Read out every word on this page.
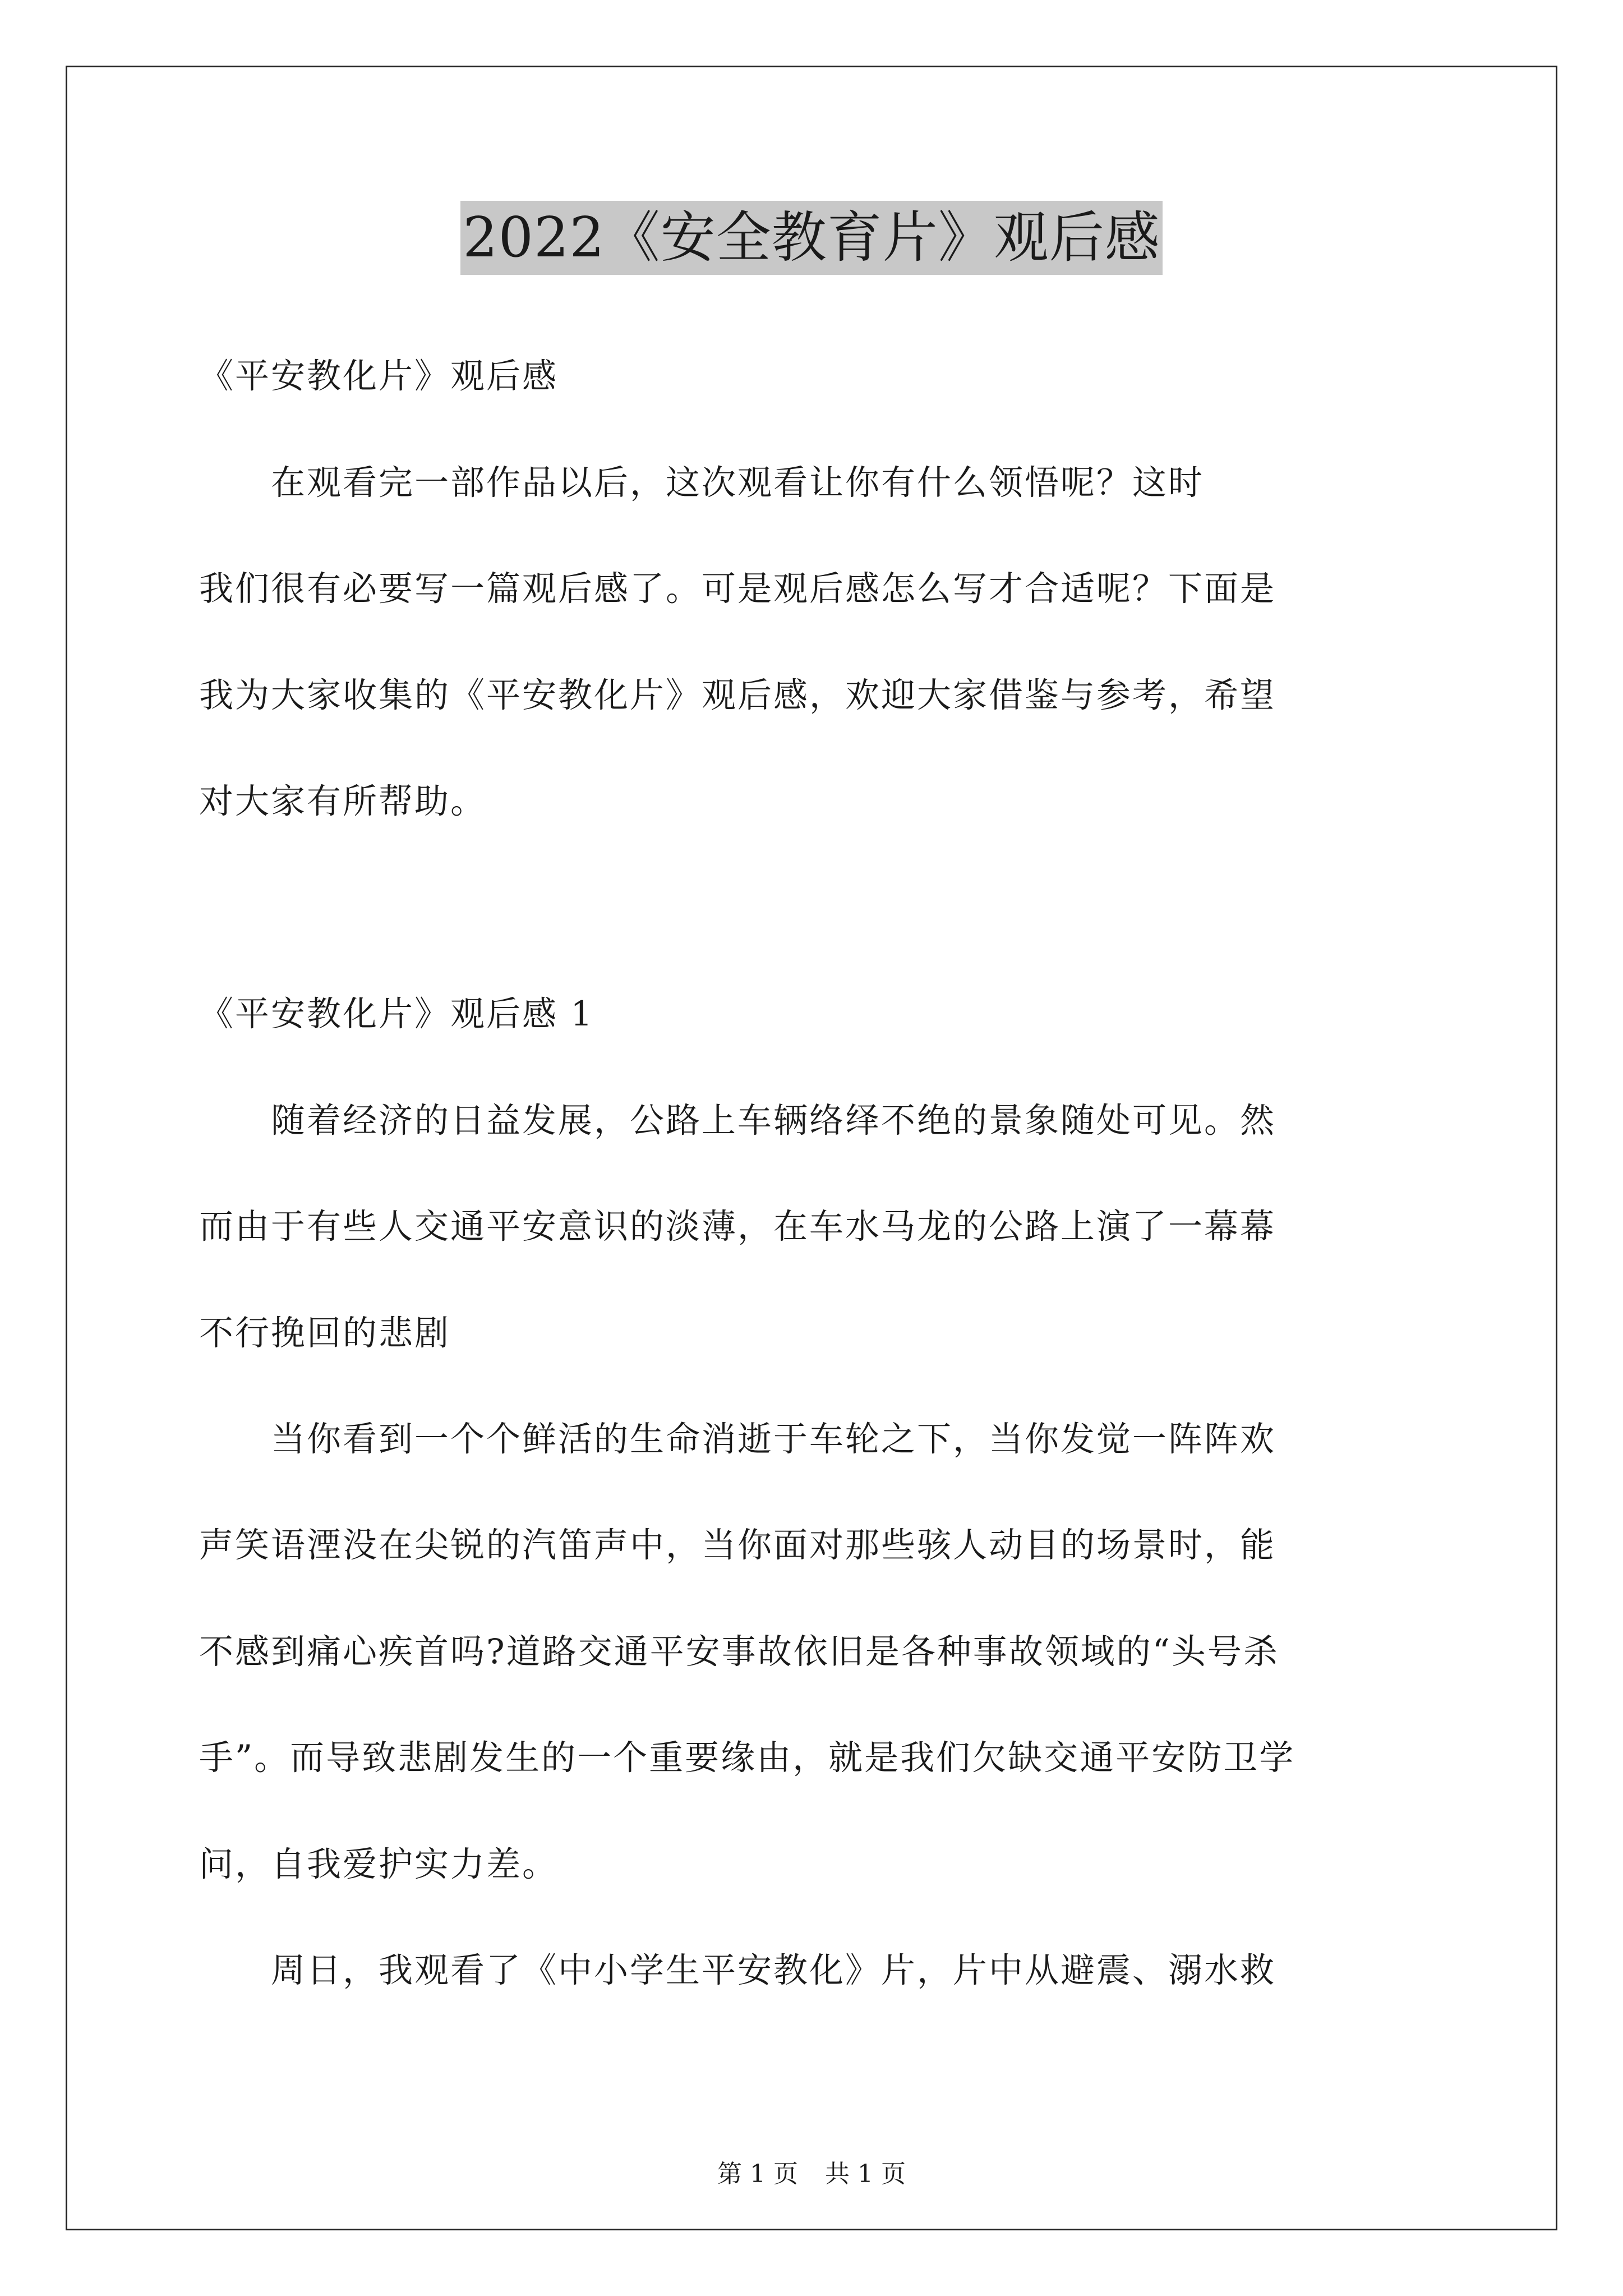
2022《安全教育片》观后感
《平安教化片》观后感
　　在观看完一部作品以后，这次观看让你有什么领悟呢？这时
我们很有必要写一篇观后感了。可是观后感怎么写才合适呢？下面是
我为大家收集的《平安教化片》观后感，欢迎大家借鉴与参考，希望
对大家有所帮助。
《平安教化片》观后感 1
　　随着经济的日益发展，公路上车辆络绎不绝的景象随处可见。然
而由于有些人交通平安意识的淡薄，在车水马龙的公路上演了一幕幕
不行挽回的悲剧
　　当你看到一个个鲜活的生命消逝于车轮之下，当你发觉一阵阵欢
声笑语湮没在尖锐的汽笛声中，当你面对那些骇人动目的场景时，能
不感到痛心疾首吗?道路交通平安事故依旧是各种事故领域的“头号杀
手”。而导致悲剧发生的一个重要缘由，就是我们欠缺交通平安防卫学
问，自我爱护实力差。
　　周日，我观看了《中小学生平安教化》片，片中从避震、溺水救
第 1 页 共 1 页
